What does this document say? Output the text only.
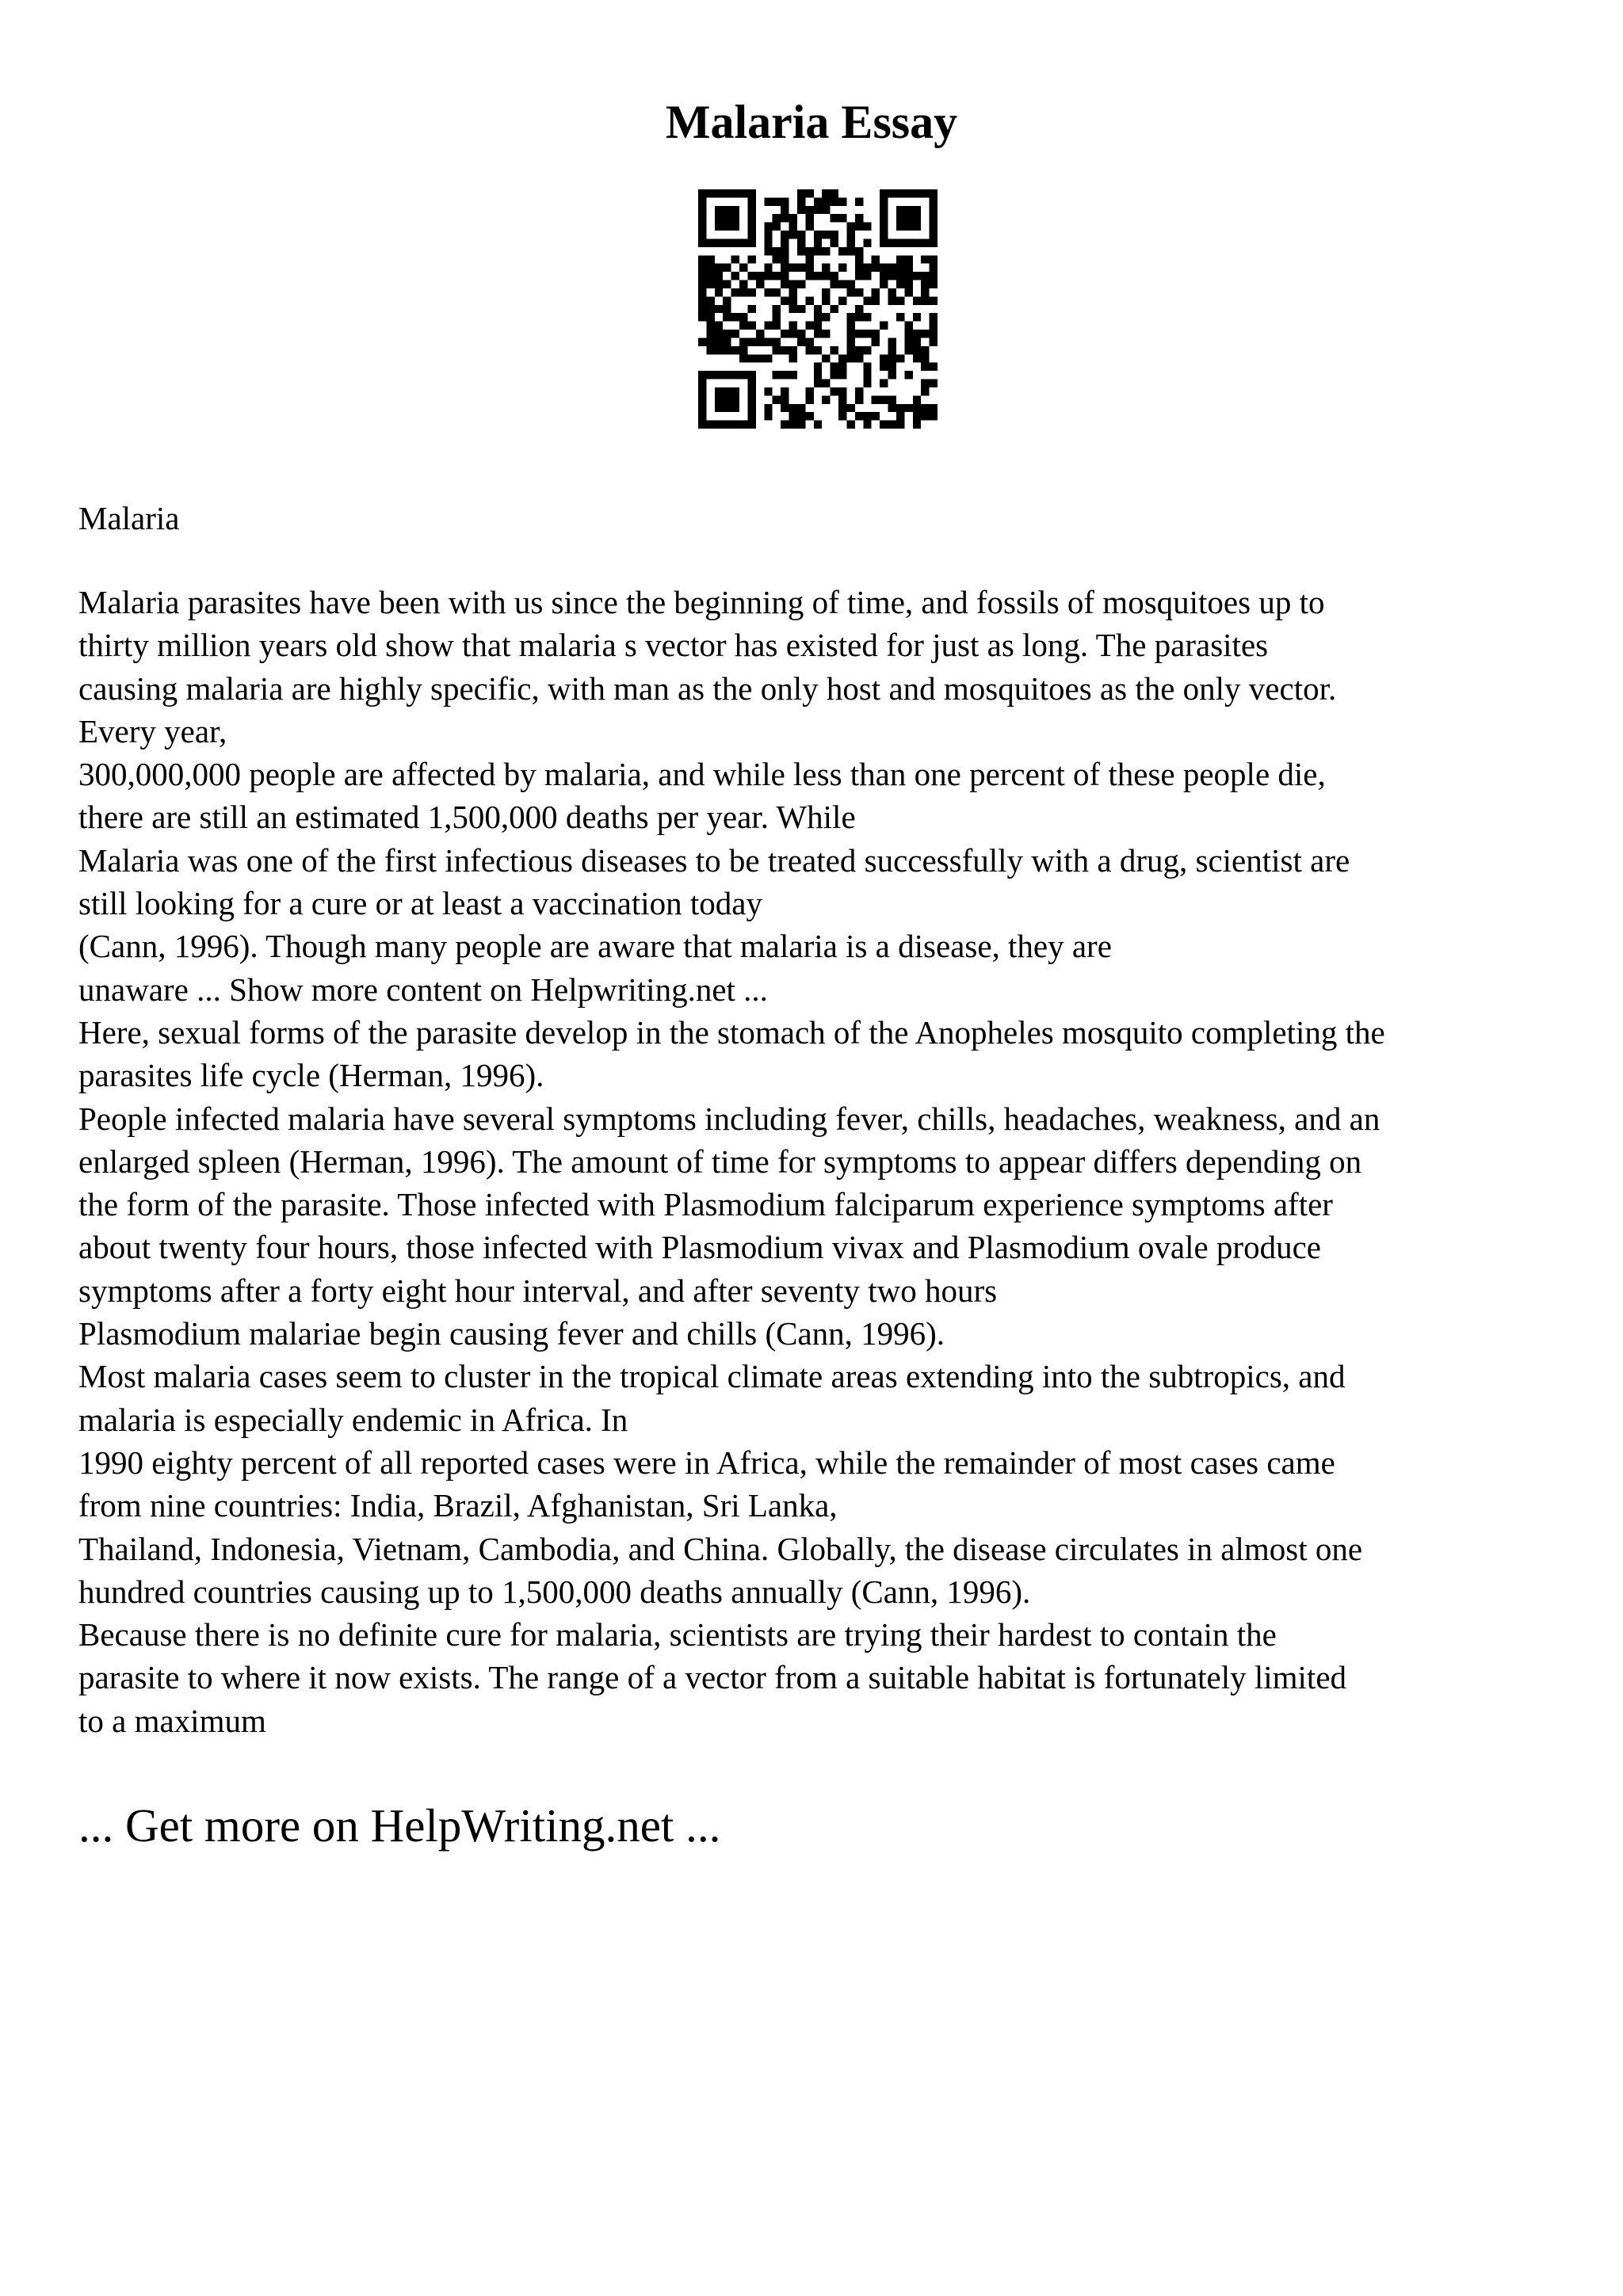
Malaria Essay

Malaria

Malaria parasites have been with us since the beginning of time, and fossils of mosquitoes up to
thirty million years old show that malaria s vector has existed for just as long. The parasites
causing malaria are highly specific, with man as the only host and mosquitoes as the only vector.
Every year,
300,000,000 people are affected by malaria, and while less than one percent of these people die,
there are still an estimated 1,500,000 deaths per year. While
Malaria was one of the first infectious diseases to be treated successfully with a drug, scientist are
still looking for a cure or at least a vaccination today
(Cann, 1996). Though many people are aware that malaria is a disease, they are
unaware ... Show more content on Helpwriting.net ...
Here, sexual forms of the parasite develop in the stomach of the Anopheles mosquito completing the
parasites life cycle (Herman, 1996).
People infected malaria have several symptoms including fever, chills, headaches, weakness, and an
enlarged spleen (Herman, 1996). The amount of time for symptoms to appear differs depending on
the form of the parasite. Those infected with Plasmodium falciparum experience symptoms after
about twenty four hours, those infected with Plasmodium vivax and Plasmodium ovale produce
symptoms after a forty eight hour interval, and after seventy two hours
Plasmodium malariae begin causing fever and chills (Cann, 1996).
Most malaria cases seem to cluster in the tropical climate areas extending into the subtropics, and
malaria is especially endemic in Africa. In
1990 eighty percent of all reported cases were in Africa, while the remainder of most cases came
from nine countries: India, Brazil, Afghanistan, Sri Lanka,
Thailand, Indonesia, Vietnam, Cambodia, and China. Globally, the disease circulates in almost one
hundred countries causing up to 1,500,000 deaths annually (Cann, 1996).
Because there is no definite cure for malaria, scientists are trying their hardest to contain the
parasite to where it now exists. The range of a vector from a suitable habitat is fortunately limited
to a maximum

... Get more on HelpWriting.net ...
